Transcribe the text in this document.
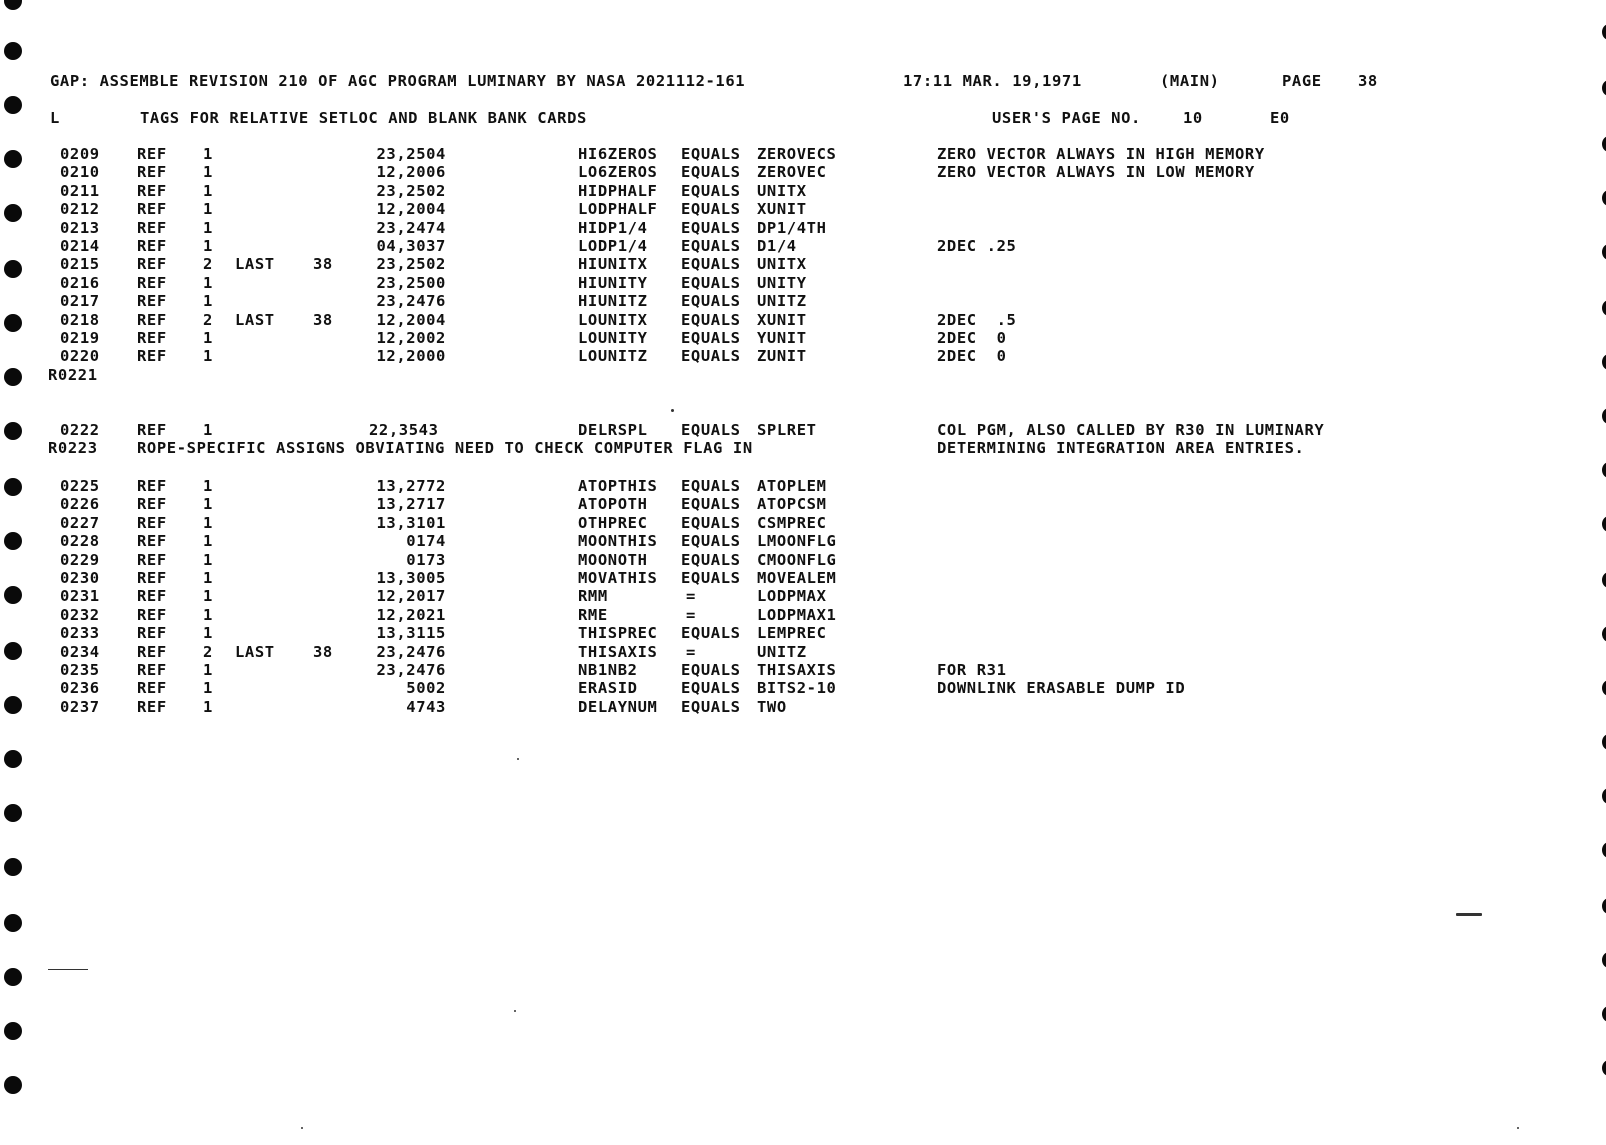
GAP: ASSEMBLE REVISION 210 OF AGC PROGRAM LUMINARY BY NASA 2021112-161	17:11 MAR. 19,1971	(MAIN)	PAGE 38
L	TAGS FOR RELATIVE SETLOC AND BLANK BANK CARDS	USER'S PAGE NO.	10	E0
0209 REF 1	23,2504	HI6ZEROS EQUALS ZEROVECS	ZERO VECTOR ALWAYS IN HIGH MEMORY
0210 REF 1	12,2006	LO6ZEROS EQUALS ZEROVEC	ZERO VECTOR ALWAYS IN LOW MEMORY
0211 REF 1	23,2502	HIDPHALF EQUALS UNITX
0212 REF 1	12,2004	LODPHALF EQUALS XUNIT
0213 REF 1	23,2474	HIDP1/4 EQUALS DP1/4TH
0214 REF 1	04,3037	LODP1/4 EQUALS D1/4	2DEC .25
0215 REF 2 LAST 38	23,2502	HIUNITX EQUALS UNITX
0216 REF 1	23,2500	HIUNITY EQUALS UNITY
0217 REF 1	23,2476	HIUNITZ EQUALS UNITZ
0218 REF 2 LAST 38	12,2004	LOUNITX EQUALS XUNIT	2DEC  .5
0219 REF 1	12,2002	LOUNITY EQUALS YUNIT	2DEC  0
0220 REF 1	12,2000	LOUNITZ EQUALS ZUNIT	2DEC  0
R0221
0222 REF 1	22,3543	DELRSPL EQUALS SPLRET	COL PGM, ALSO CALLED BY R30 IN LUMINARY
R0223	ROPE-SPECIFIC ASSIGNS OBVIATING NEED TO CHECK COMPUTER FLAG IN	DETERMINING INTEGRATION AREA ENTRIES.
0225 REF 1	13,2772	ATOPTHIS EQUALS ATOPLEM
0226 REF 1	13,2717	ATOPOTH EQUALS ATOPCSM
0227 REF 1	13,3101	OTHPREC EQUALS CSMPREC
0228 REF 1	0174	MOONTHIS EQUALS LMOONFLG
0229 REF 1	0173	MOONOTH EQUALS CMOONFLG
0230 REF 1	13,3005	MOVATHIS EQUALS MOVEALEM
0231 REF 1	12,2017	RMM	=	LODPMAX
0232 REF 1	12,2021	RME	=	LODPMAX1
0233 REF 1	13,3115	THISPREC EQUALS LEMPREC
0234 REF 2 LAST 38	23,2476	THISAXIS =	UNITZ
0235 REF 1	23,2476	NB1NB2	EQUALS THISAXIS	FOR R31
0236 REF 1	5002	ERASID	EQUALS BITS2-10	DOWNLINK ERASABLE DUMP ID
0237 REF 1	4743	DELAYNUM EQUALS TWO
